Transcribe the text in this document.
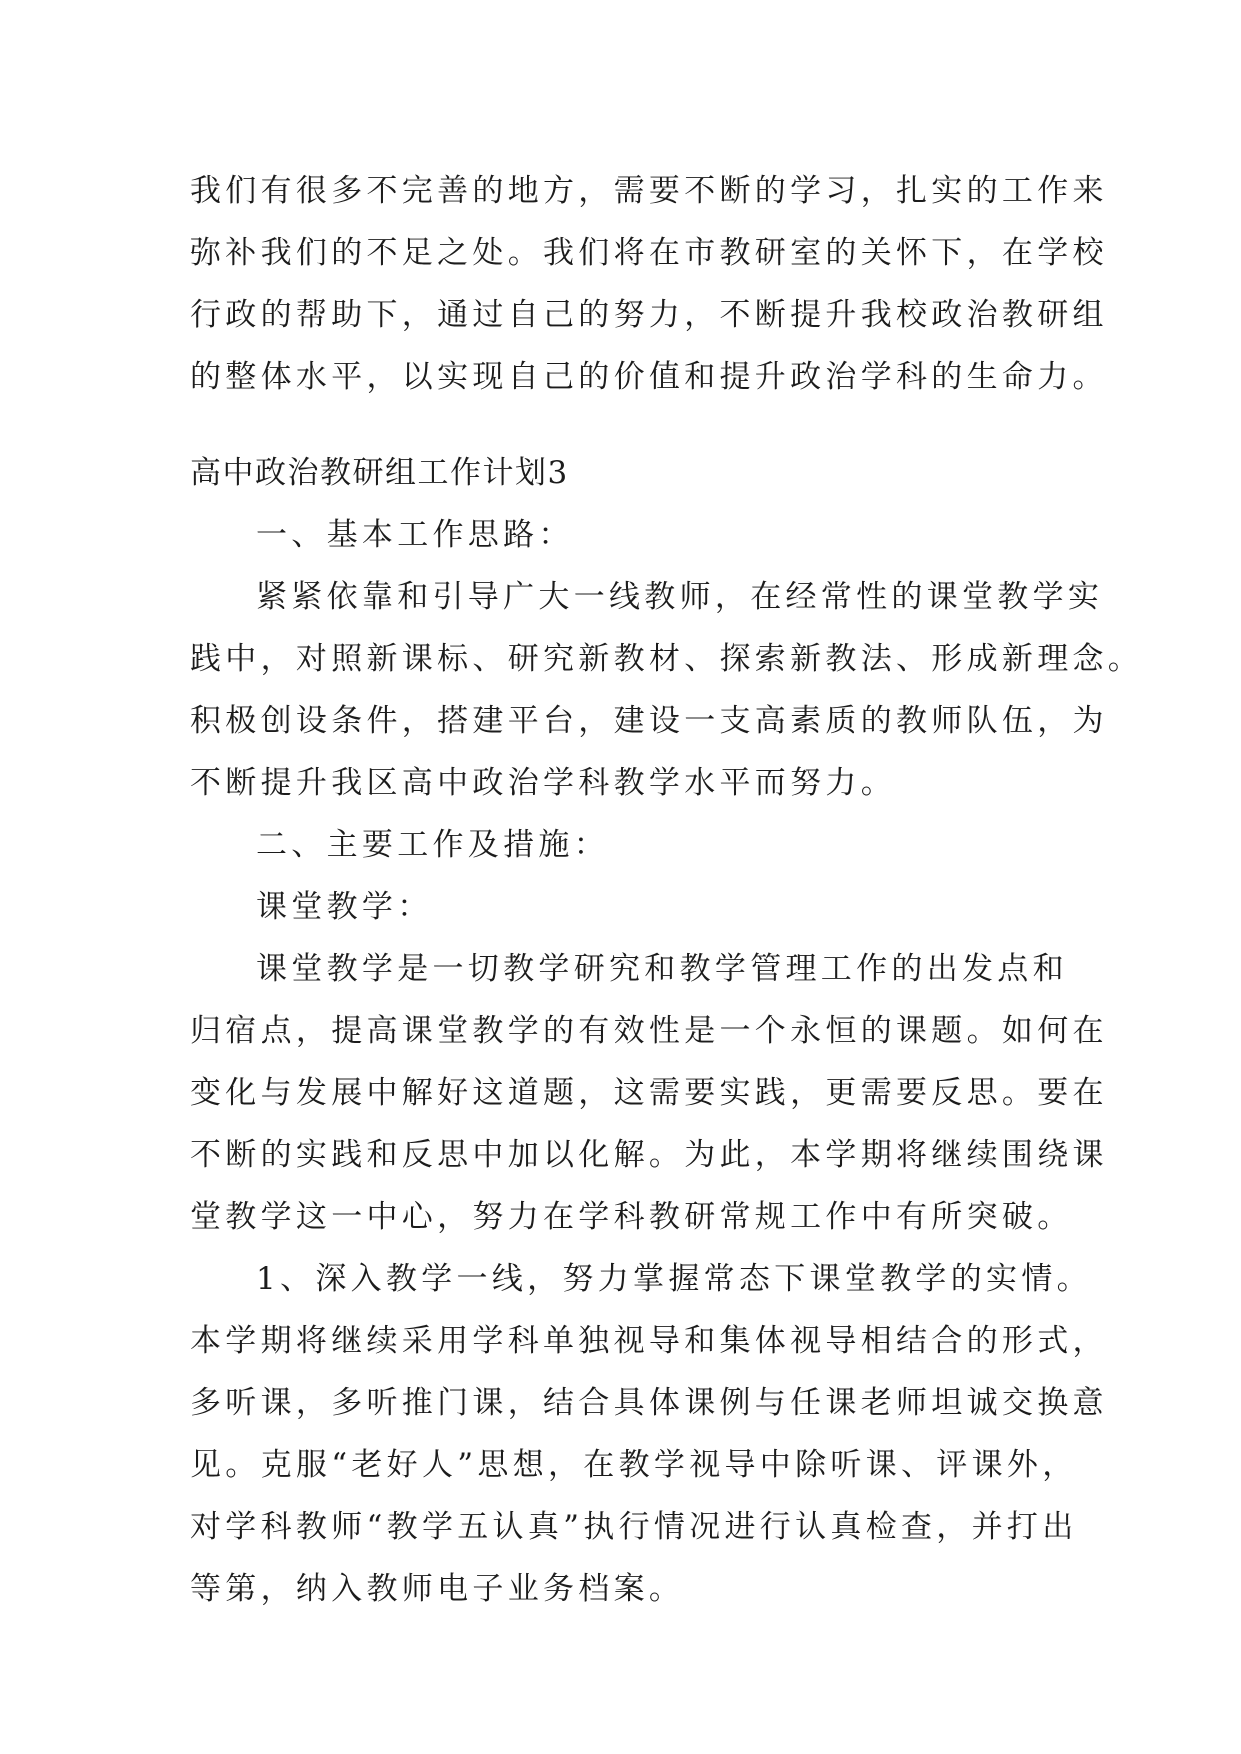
我们有很多不完善的地方，需要不断的学习，扎实的工作来
弥补我们的不足之处。我们将在市教研室的关怀下，在学校
行政的帮助下，通过自己的努力，不断提升我校政治教研组
的整体水平，以实现自己的价值和提升政治学科的生命力。
高中政治教研组工作计划3
一、基本工作思路：
紧紧依靠和引导广大一线教师，在经常性的课堂教学实
践中，对照新课标、研究新教材、探索新教法、形成新理念。
积极创设条件，搭建平台，建设一支高素质的教师队伍，为
不断提升我区高中政治学科教学水平而努力。
二、主要工作及措施：
课堂教学：
课堂教学是一切教学研究和教学管理工作的出发点和
归宿点，提高课堂教学的有效性是一个永恒的课题。如何在
变化与发展中解好这道题，这需要实践，更需要反思。要在
不断的实践和反思中加以化解。为此，本学期将继续围绕课
堂教学这一中心，努力在学科教研常规工作中有所突破。
1、深入教学一线，努力掌握常态下课堂教学的实情。
本学期将继续采用学科单独视导和集体视导相结合的形式，
多听课，多听推门课，结合具体课例与任课老师坦诚交换意
见。克服“老好人”思想，在教学视导中除听课、评课外，
对学科教师“教学五认真”执行情况进行认真检查，并打出
等第，纳入教师电子业务档案。
